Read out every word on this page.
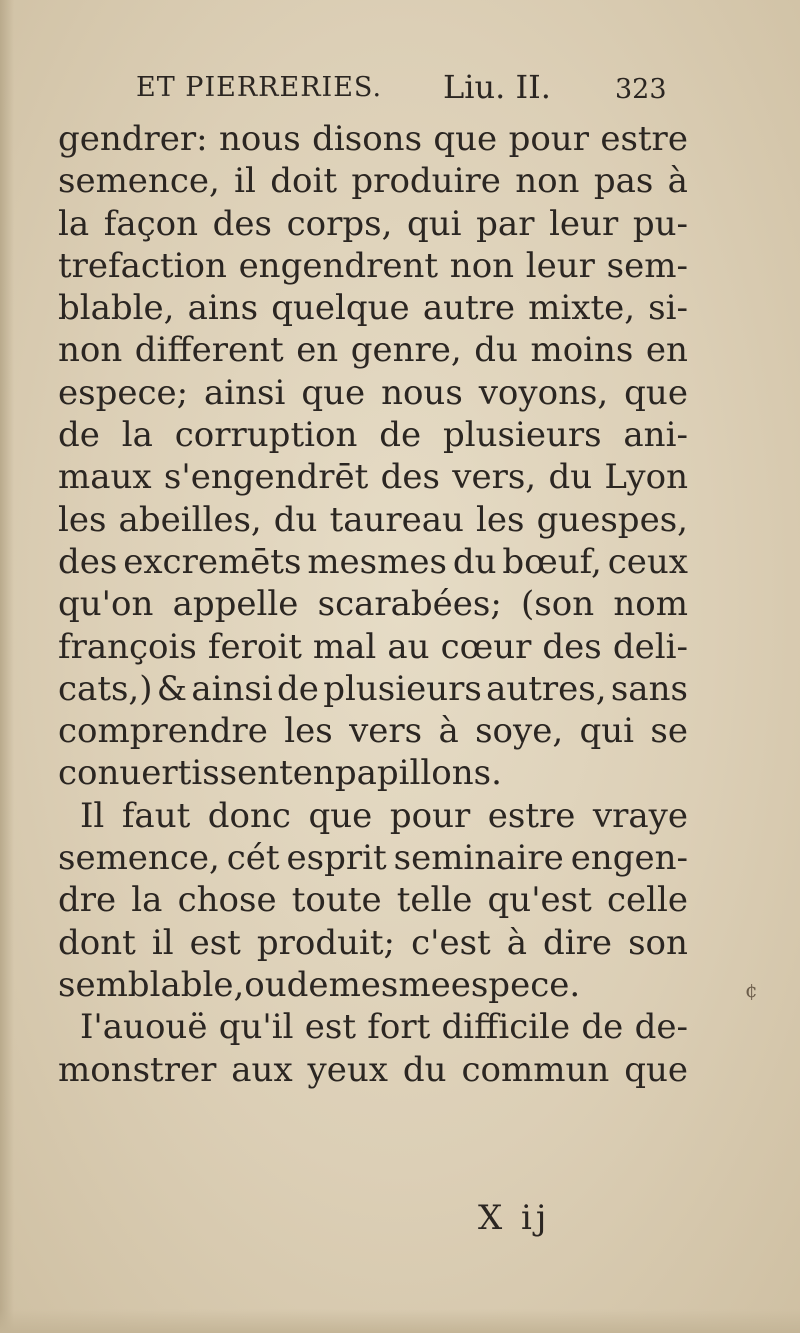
ET PIERRERIES. Liu. II. 323
gendrer: nous disons que pour estre
semence, il doit produire non pas à
la façon des corps, qui par leur pu-
trefaction engendrent non leur sem-
blable, ains quelque autre mixte, si-
non different en genre, du moins en
espece; ainsi que nous voyons, que
de la corruption de plusieurs ani-
maux s'engendrēt des vers, du Lyon
les abeilles, du taureau les guespes,
des excremēts mesmes du bœuf, ceux
qu'on appelle scarabées; (son nom
françois feroit mal au cœur des deli-
cats,) & ainsi de plusieurs autres, sans
comprendre les vers à soye, qui se
conuertissent en papillons.
Il faut donc que pour estre vraye
semence, cét esprit seminaire engen-
dre la chose toute telle qu'est celle
dont il est produit; c'est à dire son
semblable, ou de mesme espece.
I'auouë qu'il est fort difficile de de-
monstrer aux yeux du commun que
X ij
¢
